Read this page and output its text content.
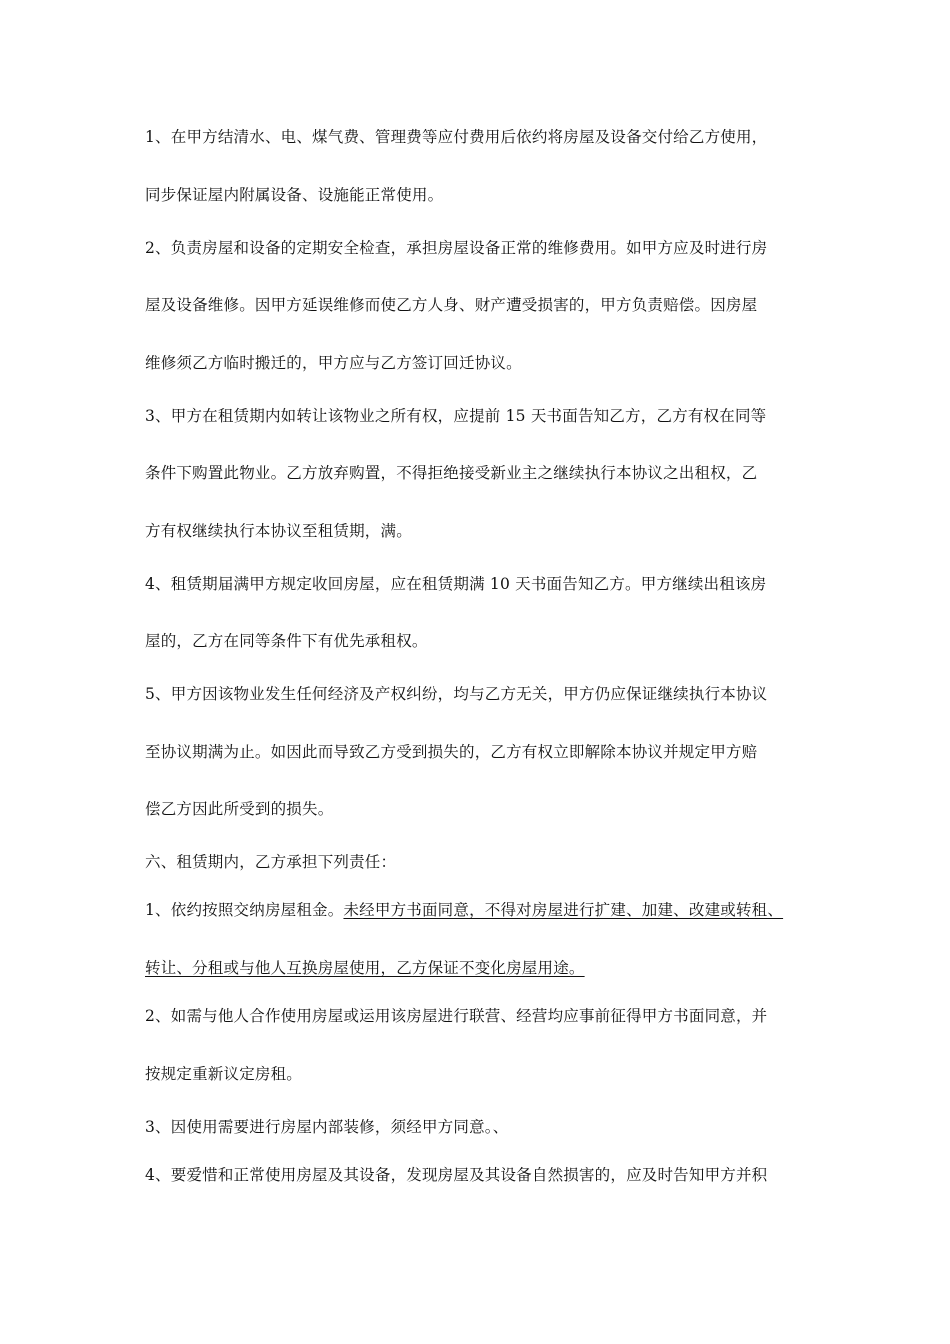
1、在甲方结清水、电、煤气费、管理费等应付费用后依约将房屋及设备交付给乙方使用，
同步保证屋内附属设备、设施能正常使用。
2、负责房屋和设备的定期安全检查，承担房屋设备正常的维修费用。如甲方应及时进行房
屋及设备维修。因甲方延误维修而使乙方人身、财产遭受损害的，甲方负责赔偿。因房屋
维修须乙方临时搬迁的，甲方应与乙方签订回迁协议。
3、甲方在租赁期内如转让该物业之所有权，应提前 15 天书面告知乙方，乙方有权在同等
条件下购置此物业。乙方放弃购置，不得拒绝接受新业主之继续执行本协议之出租权，乙
方有权继续执行本协议至租赁期，满。
4、租赁期届满甲方规定收回房屋，应在租赁期满 10 天书面告知乙方。甲方继续出租该房
屋的，乙方在同等条件下有优先承租权。
5、甲方因该物业发生任何经济及产权纠纷，均与乙方无关，甲方仍应保证继续执行本协议
至协议期满为止。如因此而导致乙方受到损失的，乙方有权立即解除本协议并规定甲方赔
偿乙方因此所受到的损失。
六、租赁期内，乙方承担下列责任：
1、依约按照交纳房屋租金。未经甲方书面同意，不得对房屋进行扩建、加建、改建或转租、
转让、分租或与他人互换房屋使用，乙方保证不变化房屋用途。
2、如需与他人合作使用房屋或运用该房屋进行联营、经营均应事前征得甲方书面同意，并
按规定重新议定房租。
3、因使用需要进行房屋内部装修，须经甲方同意。、
4、要爱惜和正常使用房屋及其设备，发现房屋及其设备自然损害的，应及时告知甲方并积
